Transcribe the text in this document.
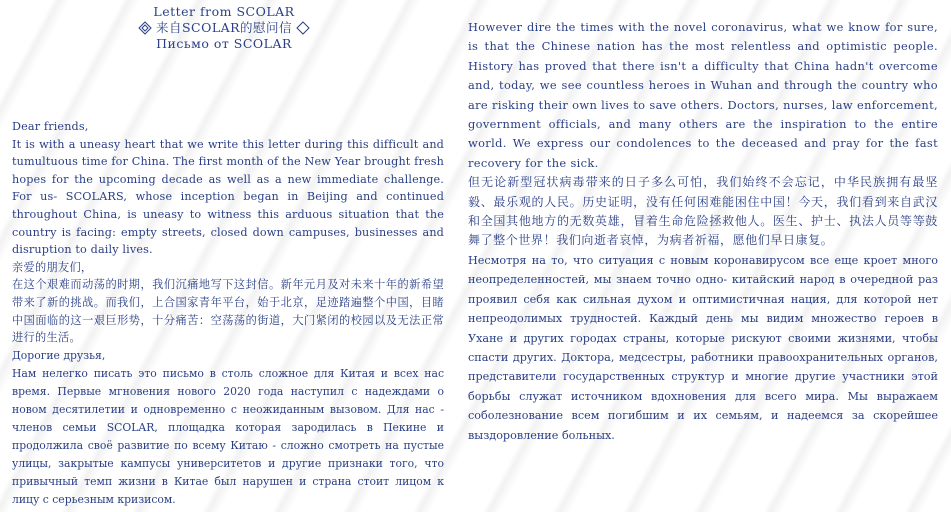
Letter from SCOLAR
来自SCOLAR的慰问信
Письмо от SCOLAR

Dear friends,

It is with a uneasy heart that we write this letter during this difficult and tumultuous time for China. The first month of the New Year brought fresh hopes for the upcoming decade as well as a new immediate challenge. For us- SCOLARS, whose inception began in Beijing and continued throughout China, is uneasy to witness this arduous situation that the country is facing: empty streets, closed down campuses, businesses and disruption to daily lives.

亲爱的朋友们，

在这个艰难而动荡的时期，我们沉痛地写下这封信。新年元月及对未来十年的新希望带来了新的挑战。而我们，上合国家青年平台，始于北京，足迹踏遍整个中国，目睹中国面临的这一艰巨形势，十分痛苦：空荡荡的街道，大门紧闭的校园以及无法正常进行的生活。

Дорогие друзья,

Нам нелегко писать это письмо в столь сложное для Китая и всех нас время. Первые мгновения нового 2020 года наступил с надеждами о новом десятилетии и одновременно с неожиданным вызовом. Для нас - членов семьи SCOLAR, площадка которая зародилась в Пекине и продолжила своё развитие по всему Китаю - сложно смотреть на пустые улицы, закрытые кампусы университетов и другие признаки того, что привычный темп жизни в Китае был нарушен и страна стоит лицом к лицу с серьезным кризисом.

However dire the times with the novel coronavirus, what we know for sure, is that the Chinese nation has the most relentless and optimistic people. History has proved that there isn't a difficulty that China hadn't overcome and, today, we see countless heroes in Wuhan and through the country who are risking their own lives to save others. Doctors, nurses, law enforcement, government officials, and many others are the inspiration to the entire world. We express our condolences to the deceased and pray for the fast recovery for the sick.

但无论新型冠状病毒带来的日子多么可怕，我们始终不会忘记，中华民族拥有最坚毅、最乐观的人民。历史证明，没有任何困难能困住中国！今天，我们看到来自武汉和全国其他地方的无数英雄，冒着生命危险拯救他人。医生、护士、执法人员等等鼓舞了整个世界！我们向逝者哀悼，为病者祈福，愿他们早日康复。

Несмотря на то, что ситуация с новым коронавирусом все еще кроет много неопределенностей, мы знаем точно одно- китайский народ в очередной раз проявил себя как сильная духом и оптимистичная нация, для которой нет непреодолимых трудностей. Каждый день мы видим множество героев в Ухане и других городах страны, которые рискуют своими жизнями, чтобы спасти других. Доктора, медсестры, работники правоохранительных органов, представители государственных структур и многие другие участники этой борьбы служат источником вдохновения для всего мира. Мы выражаем соболезнование всем погибшим и их семьям, и надеемся за скорейшее выздоровление больных.
